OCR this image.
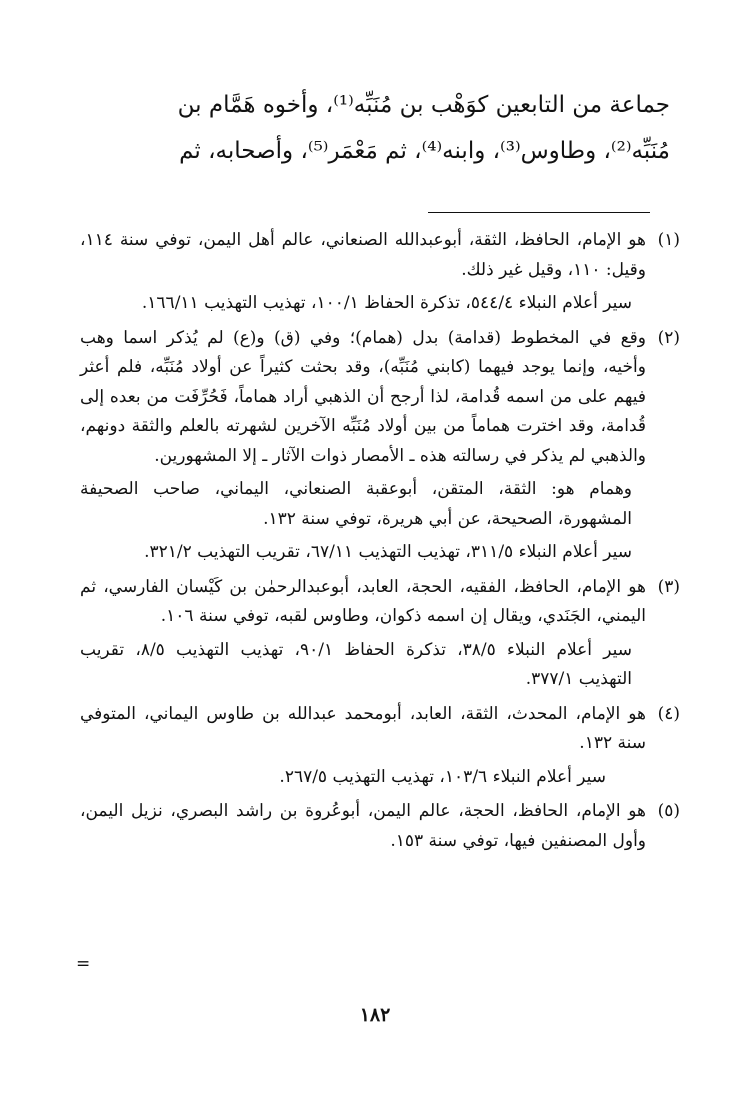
جماعة من التابعين كوَهْب بن مُنَبِّه⁽¹⁾، وأخوه هَمَّام بن
مُنَبِّه⁽²⁾، وطاوس⁽³⁾، وابنه⁽⁴⁾، ثم مَعْمَر⁽⁵⁾، وأصحابه، ثم
(١)

هو الإمام، الحافظ، الثقة، أبوعبدالله الصنعاني، عالم أهل اليمن، توفي سنة ١١٤، وقيل: ١١٠، وقيل غير ذلك.

سير أعلام النبلاء ٥٤٤/٤، تذكرة الحفاظ ١٠٠/١، تهذيب التهذيب ١٦٦/١١.

(٢)

وقع في المخطوط (قدامة) بدل (همام)؛ وفي (ق) و(ع) لم يُذكر اسما وهب وأخيه، وإنما يوجد فيهما (كابني مُنَبِّه)، وقد بحثت كثيراً عن أولاد مُنَبِّه، فلم أعثر فيهم على من اسمه قُدامة، لذا أرجح أن الذهبي أراد هماماً، فَحُرِّفَت من بعده إلى قُدامة، وقد اخترت هماماً من بين أولاد مُنَبِّه الآخرين لشهرته بالعلم والثقة دونهم، والذهبي لم يذكر في رسالته هذه ـ الأمصار ذوات الآثار ـ إلا المشهورين.

وهمام هو: الثقة، المتقن، أبوعقبة الصنعاني، اليماني، صاحب الصحيفة المشهورة، الصحيحة، عن أبي هريرة، توفي سنة ١٣٢.

سير أعلام النبلاء ٣١١/٥، تهذيب التهذيب ٦٧/١١، تقريب التهذيب ٣٢١/٢.

(٣)

هو الإمام، الحافظ، الفقيه، الحجة، العابد، أبوعبدالرحمٰن بن كَيْسان الفارسي، ثم اليمني، الجَنَدي، ويقال إن اسمه ذكوان، وطاوس لقبه، توفي سنة ١٠٦.

سير أعلام النبلاء ٣٨/٥، تذكرة الحفاظ ٩٠/١، تهذيب التهذيب ٨/٥، تقريب التهذيب ٣٧٧/١.

(٤)

هو الإمام، المحدث، الثقة، العابد، أبومحمد عبدالله بن طاوس اليماني، المتوفي سنة ١٣٢.

سير أعلام النبلاء ١٠٣/٦، تهذيب التهذيب ٢٦٧/٥.

(٥)

هو الإمام، الحافظ، الحجة، عالم اليمن، أبوعُروة بن راشد البصري، نزيل اليمن، وأول المصنفين فيها، توفي سنة ١٥٣.

=
١٨٢
